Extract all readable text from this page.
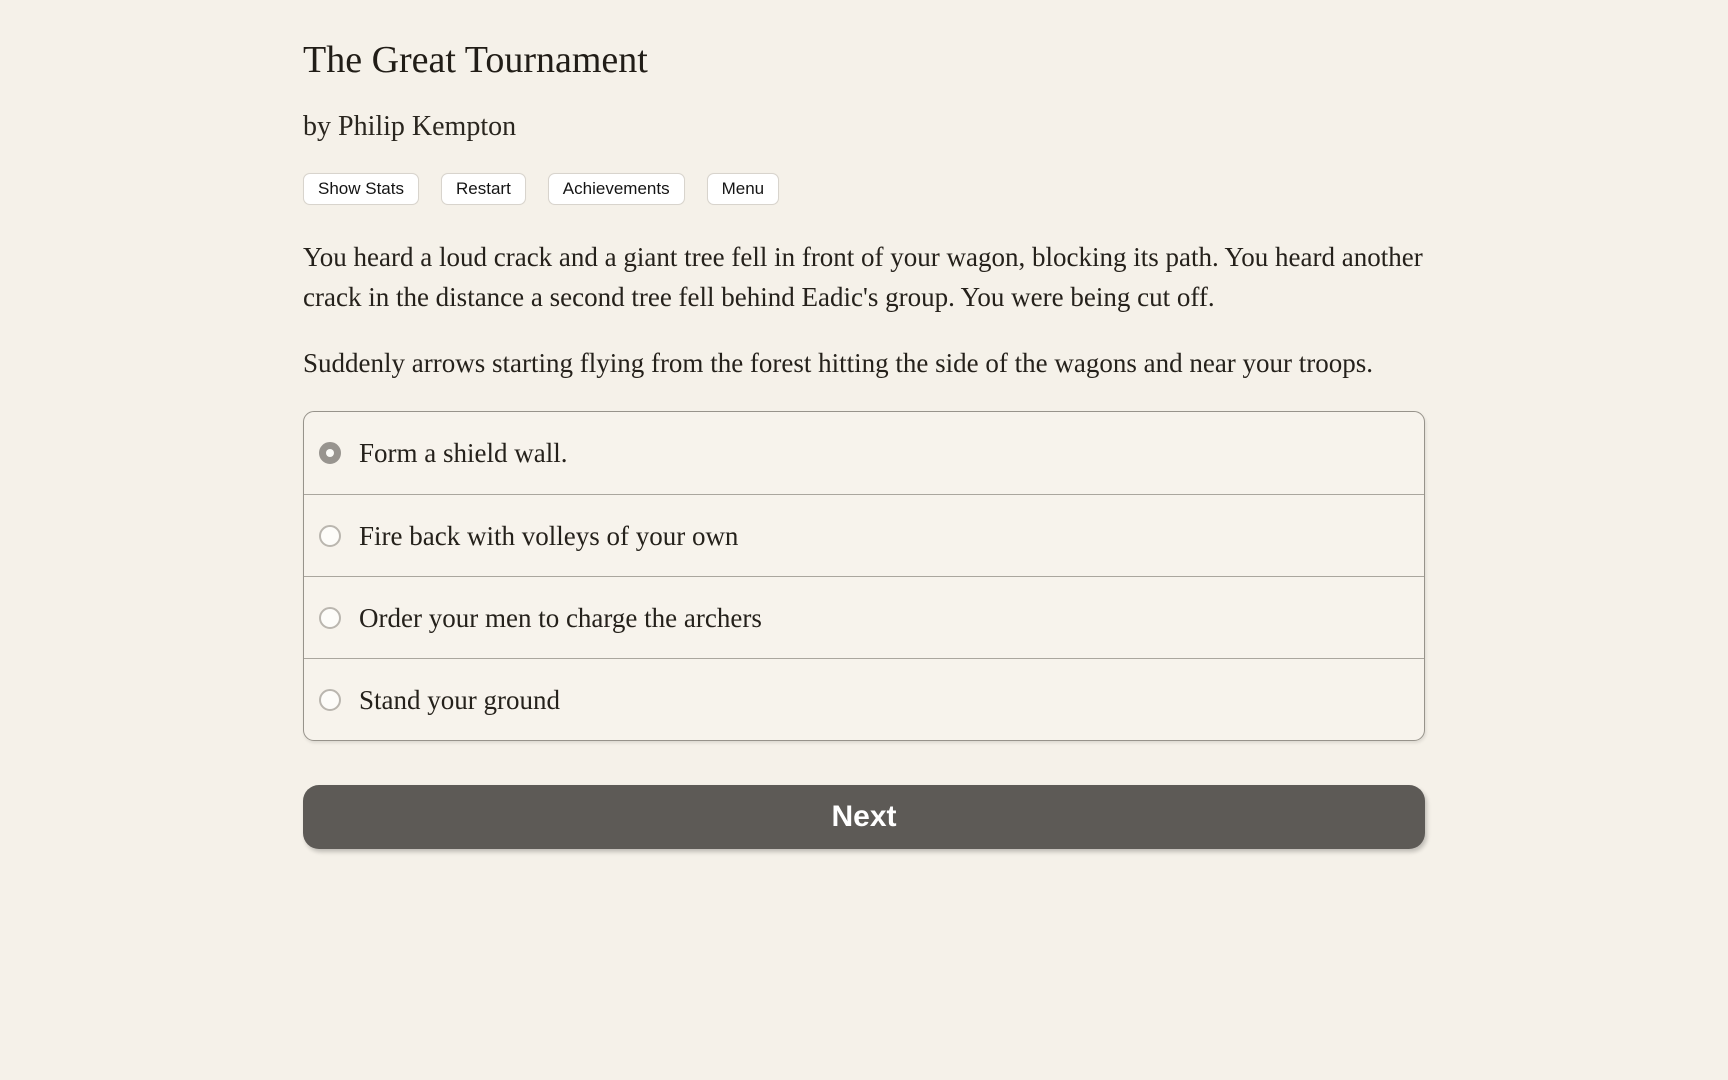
The Great Tournament
by Philip Kempton
Show Stats	Restart	Achievements	Menu

You heard a loud crack and a giant tree fell in front of your wagon, blocking its path. You heard another crack in the distance a second tree fell behind Eadic's group. You were being cut off.

Suddenly arrows starting flying from the forest hitting the side of the wagons and near your troops.

Form a shield wall.
Fire back with volleys of your own
Order your men to charge the archers
Stand your ground
Next
